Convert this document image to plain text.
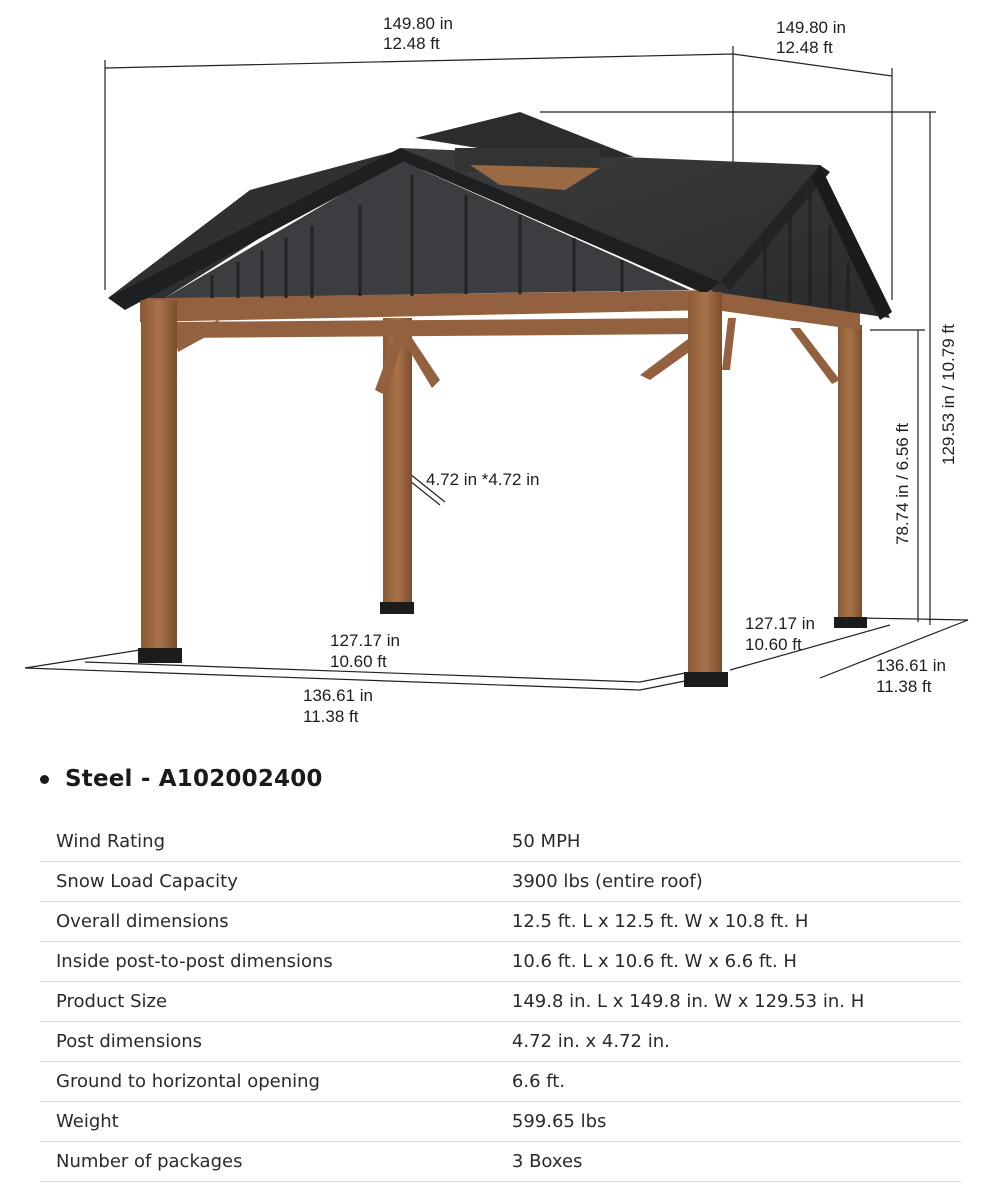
149.80 in
12.48 ft
149.80 in
12.48 ft
129.53 in / 10.79 ft
78.74 in / 6.56 ft
4.72 in *4.72 in
127.17 in
10.60 ft
136.61 in
11.38 ft
127.17 in
10.60 ft
136.61 in
11.38 ft
Steel - A102002400
Wind Rating	50 MPH
Snow Load Capacity	3900 lbs (entire roof)
Overall dimensions	12.5 ft. L x 12.5 ft. W x 10.8 ft. H
Inside post-to-post dimensions	10.6 ft. L x 10.6 ft. W x 6.6 ft. H
Product Size	149.8 in. L x 149.8 in. W x 129.53 in. H
Post dimensions	4.72 in. x 4.72 in.
Ground to horizontal opening	6.6 ft.
Weight	599.65 lbs
Number of packages	3 Boxes
